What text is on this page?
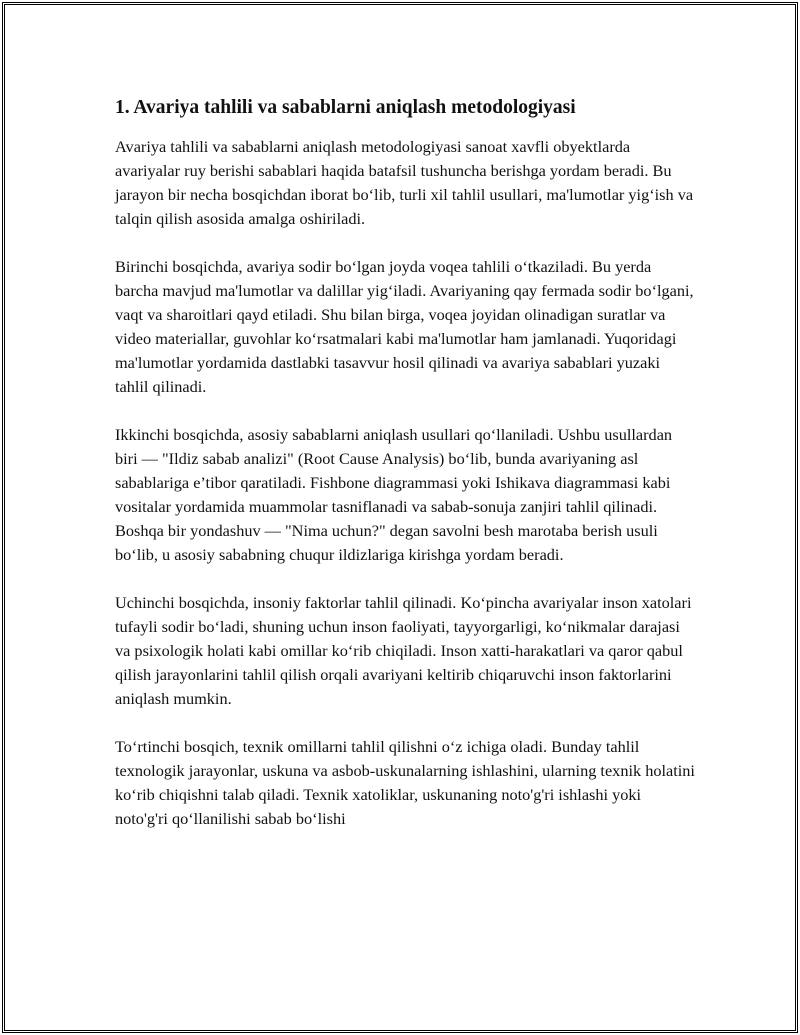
1. Avariya tahlili va sabablarni aniqlash metodologiyasi

Avariya tahlili va sabablarni aniqlash metodologiyasi sanoat xavfli obyektlarda avariyalar ruy berishi sabablari haqida batafsil tushuncha berishga yordam beradi. Bu jarayon bir necha bosqichdan iborat bo‘lib, turli xil tahlil usullari, ma'lumotlar yig‘ish va talqin qilish asosida amalga oshiriladi.

Birinchi bosqichda, avariya sodir bo‘lgan joyda voqea tahlili o‘tkaziladi. Bu yerda barcha mavjud ma'lumotlar va dalillar yig‘iladi. Avariyaning qay fermada sodir bo‘lgani, vaqt va sharoitlari qayd etiladi. Shu bilan birga, voqea joyidan olinadigan suratlar va video materiallar, guvohlar ko‘rsatmalari kabi ma'lumotlar ham jamlanadi. Yuqoridagi ma'lumotlar yordamida dastlabki tasavvur hosil qilinadi va avariya sabablari yuzaki tahlil qilinadi.

Ikkinchi bosqichda, asosiy sabablarni aniqlash usullari qo‘llaniladi. Ushbu usullardan biri — "Ildiz sabab analizi" (Root Cause Analysis) bo‘lib, bunda avariyaning asl sabablariga e’tibor qaratiladi. Fishbone diagrammasi yoki Ishikava diagrammasi kabi vositalar yordamida muammolar tasniflanadi va sabab-sonuja zanjiri tahlil qilinadi. Boshqa bir yondashuv — "Nima uchun?" degan savolni besh marotaba berish usuli bo‘lib, u asosiy sababning chuqur ildizlariga kirishga yordam beradi.

Uchinchi bosqichda, insoniy faktorlar tahlil qilinadi. Ko‘pincha avariyalar inson xatolari tufayli sodir bo‘ladi, shuning uchun inson faoliyati, tayyorgarligi, ko‘nikmalar darajasi va psixologik holati kabi omillar ko‘rib chiqiladi. Inson xatti-harakatlari va qaror qabul qilish jarayonlarini tahlil qilish orqali avariyani keltirib chiqaruvchi inson faktorlarini aniqlash mumkin.

To‘rtinchi bosqich, texnik omillarni tahlil qilishni o‘z ichiga oladi. Bunday tahlil texnologik jarayonlar, uskuna va asbob-uskunalarning ishlashini, ularning texnik holatini ko‘rib chiqishni talab qiladi. Texnik xatoliklar, uskunaning noto'g'ri ishlashi yoki noto'g'ri qo‘llanilishi sabab bo‘lishi
